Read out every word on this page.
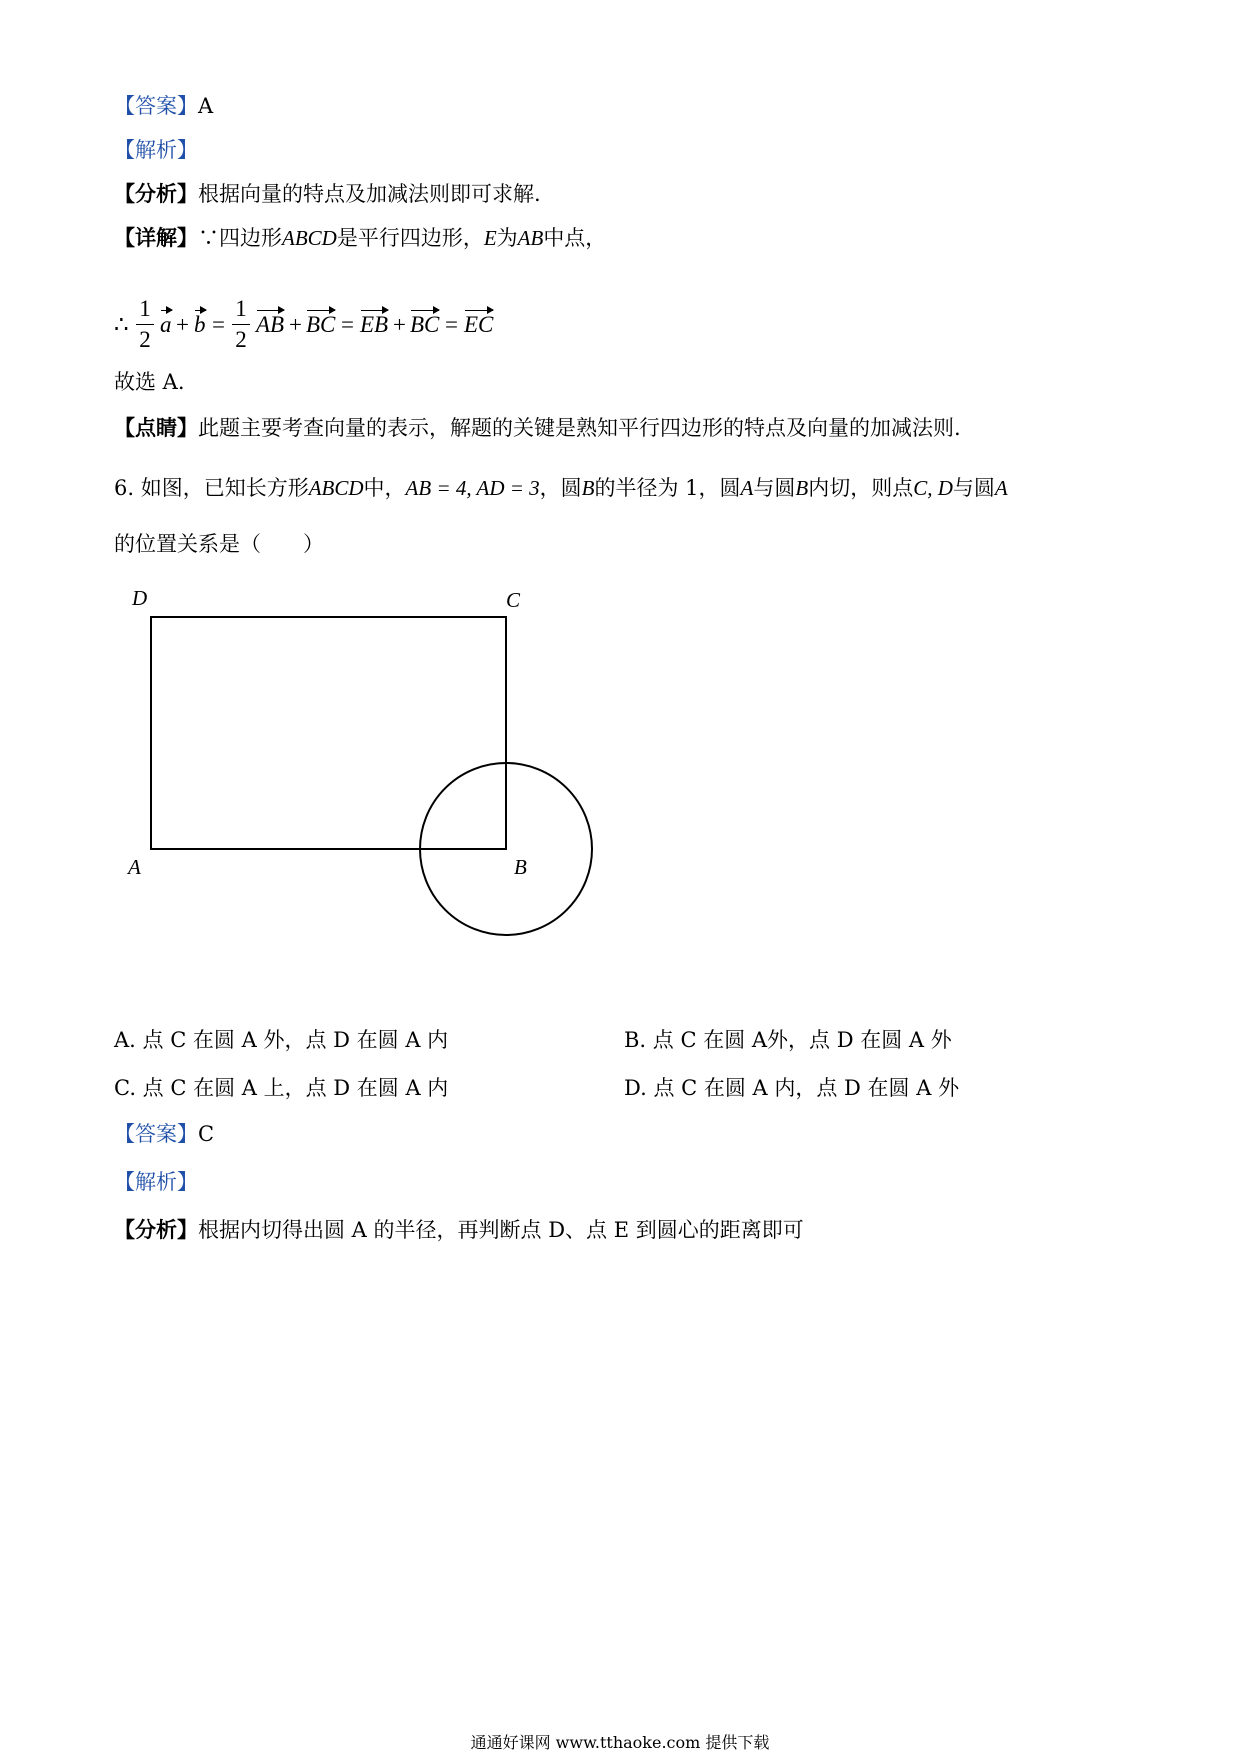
【答案】A
【解析】
【分析】根据向量的特点及加减法则即可求解.
【详解】∵四边形ABCD是平行四边形，E为AB中点，
∴
1
2
a + b =
1
2
AB + BC = EB + BC = EC
故选 A.
【点睛】此题主要考查向量的表示，解题的关键是熟知平行四边形的特点及向量的加减法则.
6. 如图，已知长方形ABCD中，AB = 4, AD = 3，圆B的半径为 1，圆A与圆B内切，则点C, D与圆A
的位置关系是（　　）
D	C
A	B
A. 点 C 在圆 A 外，点 D 在圆 A 内	B. 点 C 在圆 A外，点 D 在圆 A 外
C. 点 C 在圆 A 上，点 D 在圆 A 内	D. 点 C 在圆 A 内，点 D 在圆 A 外
【答案】C
【解析】
【分析】根据内切得出圆 A 的半径，再判断点 D、点 E 到圆心的距离即可
通通好课网 www.tthaoke.com 提供下载
